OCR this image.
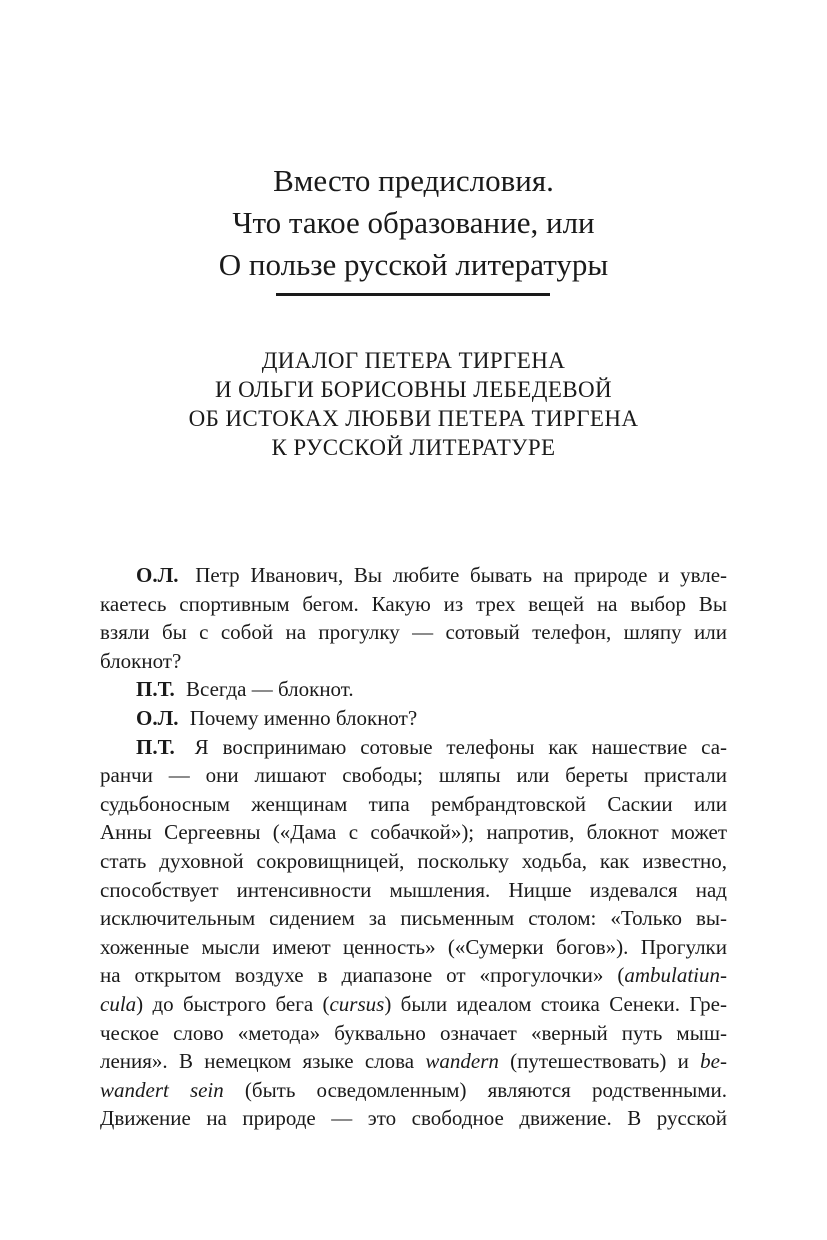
Вместо предисловия.
Что такое образование, или
О пользе русской литературы
ДИАЛОГ ПЕТЕРА ТИРГЕНА
И ОЛЬГИ БОРИСОВНЫ ЛЕБЕДЕВОЙ
ОБ ИСТОКАХ ЛЮБВИ ПЕТЕРА ТИРГЕНА
К РУССКОЙ ЛИТЕРАТУРЕ
О.Л. Петр Иванович, Вы любите бывать на природе и увле-
каетесь спортивным бегом. Какую из трех вещей на выбор Вы
взяли бы с собой на прогулку — сотовый телефон, шляпу или
блокнот?
П.Т. Всегда — блокнот.
О.Л. Почему именно блокнот?
П.Т. Я воспринимаю сотовые телефоны как нашествие са-
ранчи — они лишают свободы; шляпы или береты пристали
судьбоносным женщинам типа рембрандтовской Саскии или
Анны Сергеевны («Дама с собачкой»); напротив, блокнот может
стать духовной сокровищницей, поскольку ходьба, как известно,
способствует интенсивности мышления. Ницше издевался над
исключительным сидением за письменным столом: «Только вы-
хоженные мысли имеют ценность» («Сумерки богов»). Прогулки
на открытом воздухе в диапазоне от «прогулочки» (ambulatiun-
cula) до быстрого бега (cursus) были идеалом стоика Сенеки. Гре-
ческое слово «метода» буквально означает «верный путь мыш-
ления». В немецком языке слова wandern (путешествовать) и be-
wandert sein (быть осведомленным) являются родственными.
Движение на природе — это свободное движение. В русской
